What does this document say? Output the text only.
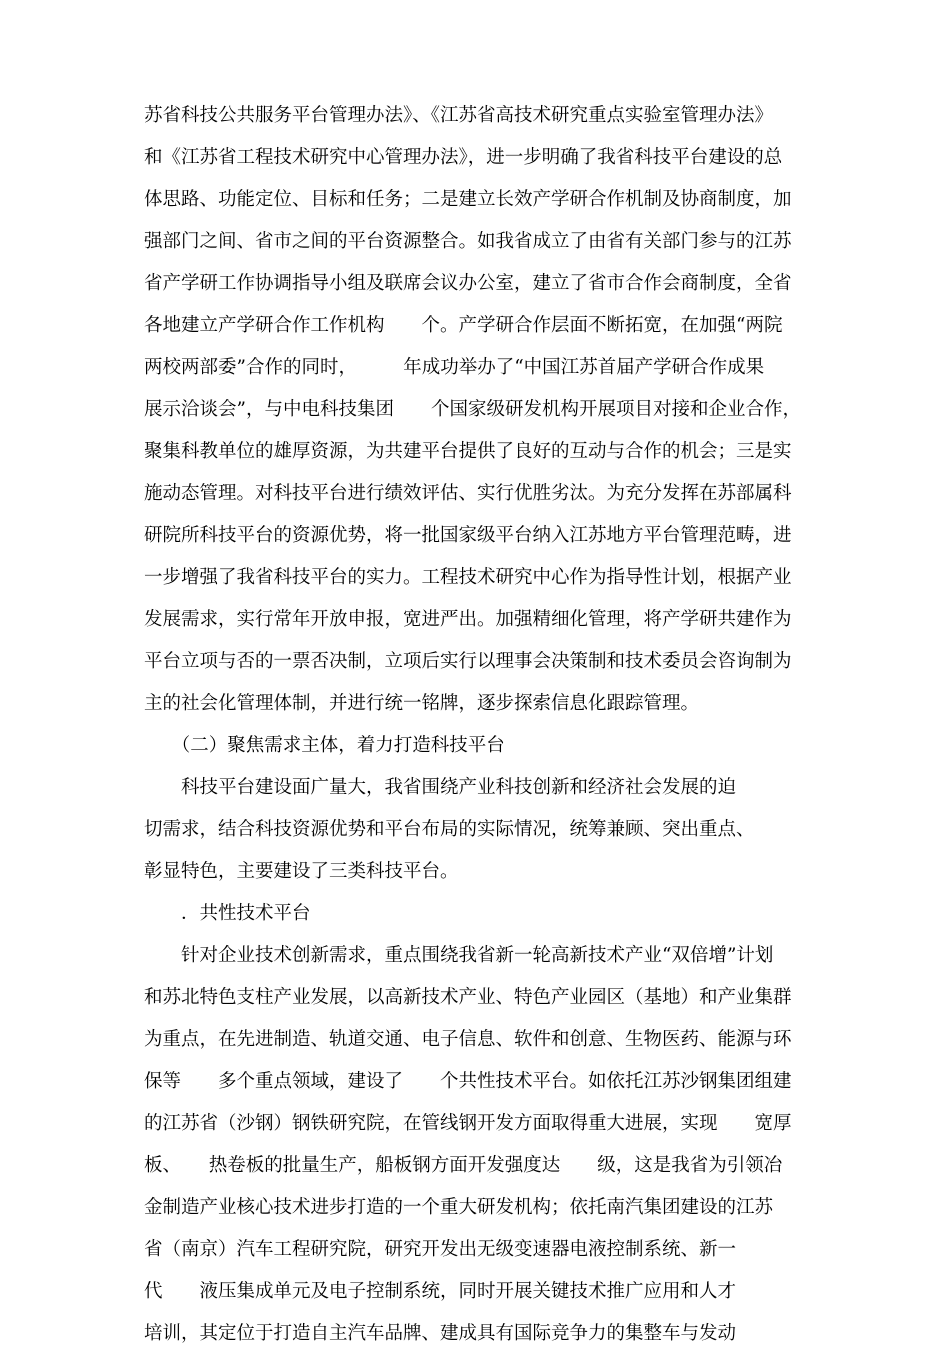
苏省科技公共服务平台管理办法》、《江苏省高技术研究重点实验室管理办法》
和《江苏省工程技术研究中心管理办法》，进一步明确了我省科技平台建设的总
体思路、功能定位、目标和任务；二是建立长效产学研合作机制及协商制度，加
强部门之间、省市之间的平台资源整合。如我省成立了由省有关部门参与的江苏
省产学研工作协调指导小组及联席会议办公室，建立了省市合作会商制度，全省
各地建立产学研合作工作机构　　个。产学研合作层面不断拓宽，在加强“两院
两校两部委”合作的同时，　　　年成功举办了“中国江苏首届产学研合作成果
展示洽谈会”，与中电科技集团　　个国家级研发机构开展项目对接和企业合作，
聚集科教单位的雄厚资源，为共建平台提供了良好的互动与合作的机会；三是实
施动态管理。对科技平台进行绩效评估、实行优胜劣汰。为充分发挥在苏部属科
研院所科技平台的资源优势，将一批国家级平台纳入江苏地方平台管理范畴，进
一步增强了我省科技平台的实力。工程技术研究中心作为指导性计划，根据产业
发展需求，实行常年开放申报，宽进严出。加强精细化管理，将产学研共建作为
平台立项与否的一票否决制，立项后实行以理事会决策制和技术委员会咨询制为
主的社会化管理体制，并进行统一铭牌，逐步探索信息化跟踪管理。
　　（二）聚焦需求主体，着力打造科技平台
　　科技平台建设面广量大，我省围绕产业科技创新和经济社会发展的迫
切需求，结合科技资源优势和平台布局的实际情况，统筹兼顾、突出重点、
彰显特色，主要建设了三类科技平台。
　　．共性技术平台
　　针对企业技术创新需求，重点围绕我省新一轮高新技术产业“双倍增”计划
和苏北特色支柱产业发展，以高新技术产业、特色产业园区（基地）和产业集群
为重点，在先进制造、轨道交通、电子信息、软件和创意、生物医药、能源与环
保等　　多个重点领域，建设了　　个共性技术平台。如依托江苏沙钢集团组建
的江苏省（沙钢）钢铁研究院，在管线钢开发方面取得重大进展，实现　　宽厚
板、　　热卷板的批量生产，船板钢方面开发强度达　　级，这是我省为引领冶
金制造产业核心技术进步打造的一个重大研发机构；依托南汽集团建设的江苏
省（南京）汽车工程研究院，研究开发出无级变速器电液控制系统、新一
代　　液压集成单元及电子控制系统，同时开展关键技术推广应用和人才
培训，其定位于打造自主汽车品牌、建成具有国际竞争力的集整车与发动
